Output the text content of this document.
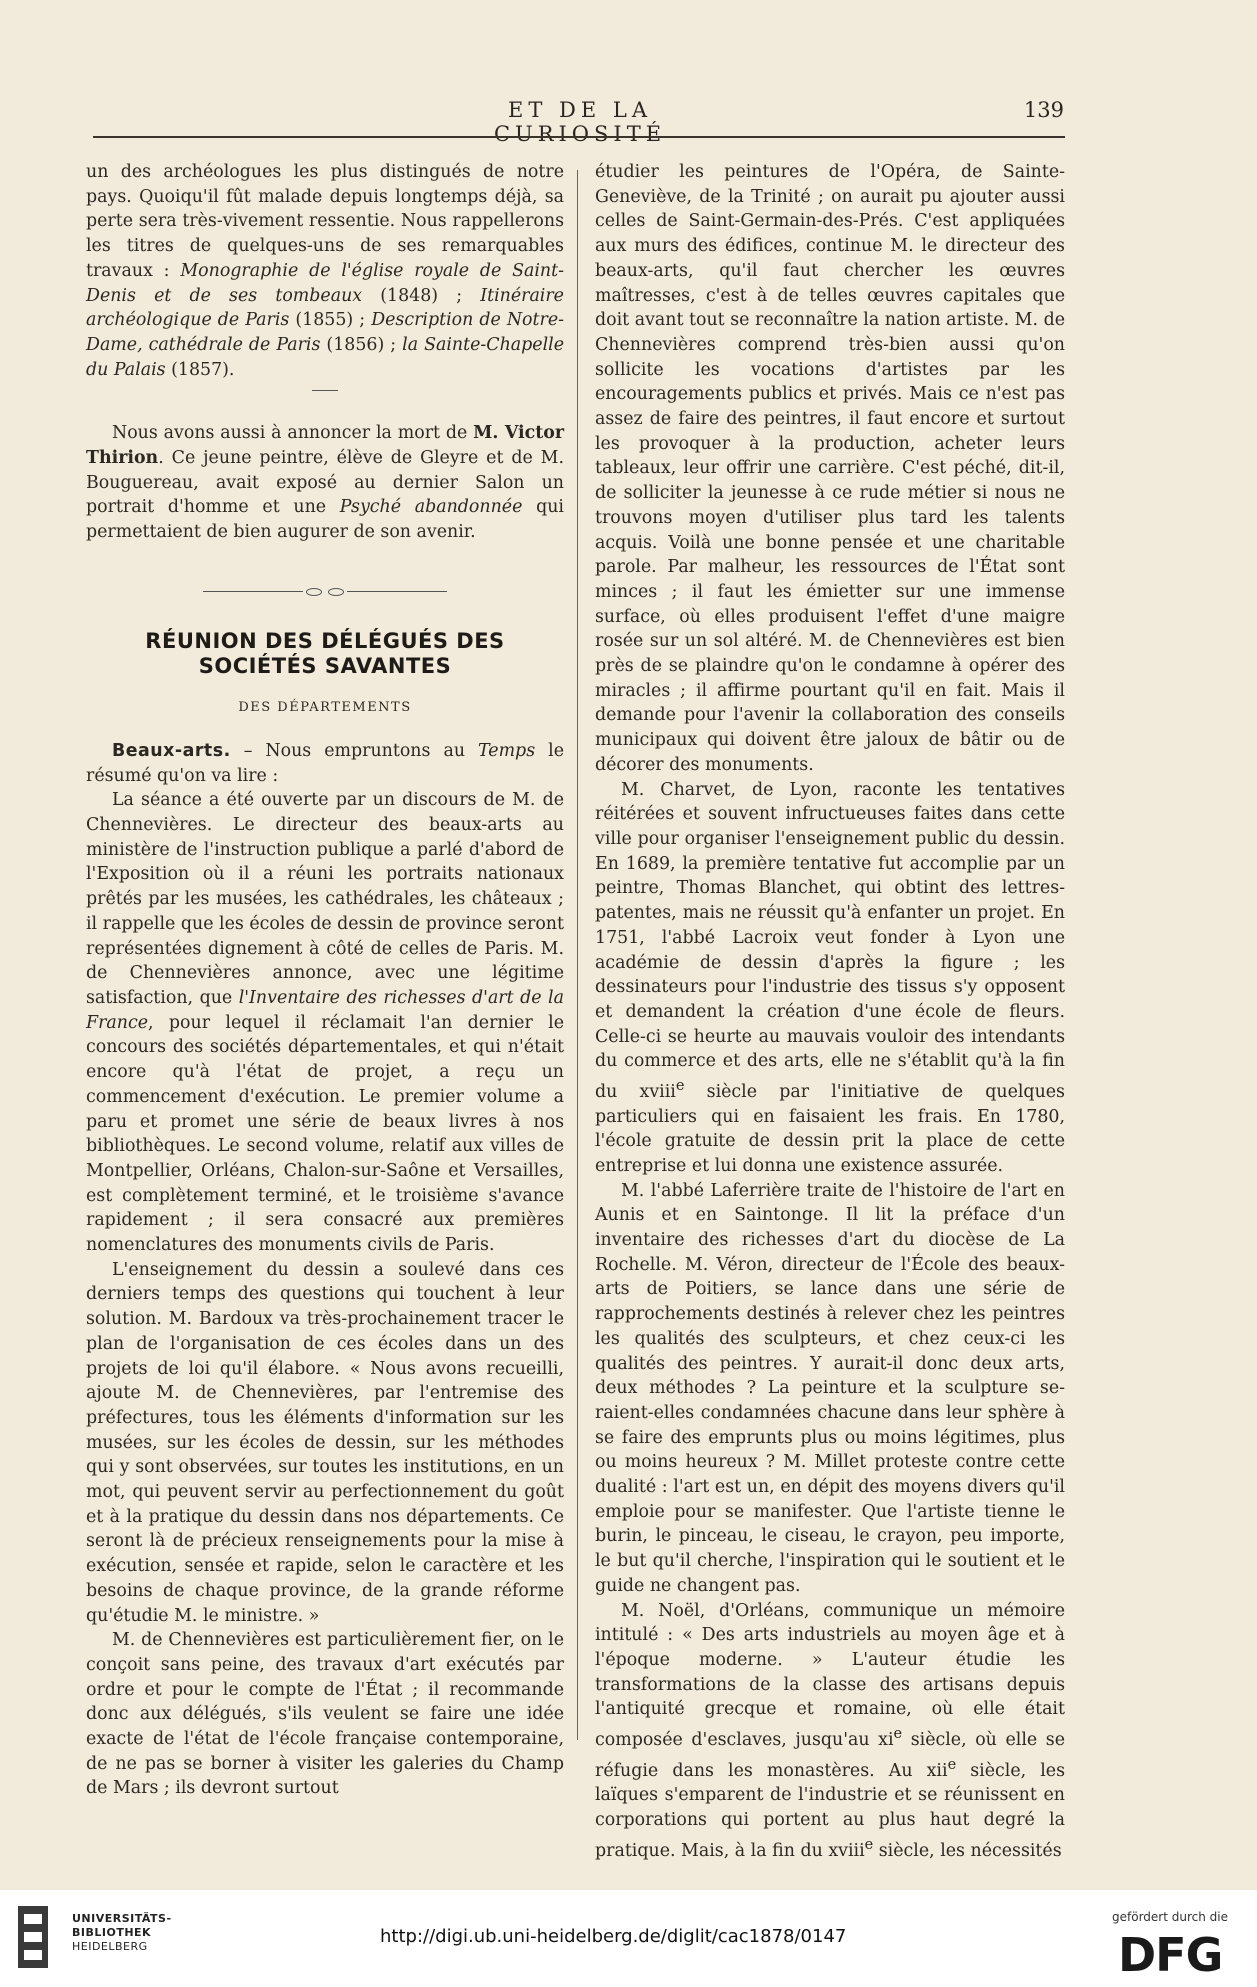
ET DE LA CURIOSITÉ
139

un des archéologues les plus distingués de notre pays. Quoiqu'il fût malade depuis longtemps déjà, sa perte sera très-vivement ressentie. Nous rappellerons les titres de quelques-uns de ses remarquables travaux : Monographie de l'église royale de Saint-Denis et de ses tombeaux (1848) ; Itinéraire archéologique de Paris (1855) ; Description de Notre-Dame, cathédrale de Paris (1856) ; la Sainte-Chapelle du Palais (1857).

Nous avons aussi à annoncer la mort de M. Victor Thirion. Ce jeune peintre, élève de Gleyre et de M. Bouguereau, avait exposé au dernier Salon un portrait d'homme et une Psyché abandonnée qui permettaient de bien augurer de son avenir.

RÉUNION DES DÉLÉGUÉS DES SOCIÉTÉS SAVANTES
DES DÉPARTEMENTS

Beaux-arts. – Nous empruntons au Temps le résumé qu'on va lire :

La séance a été ouverte par un discours de M. de Chennevières. Le directeur des beaux-arts au ministère de l'instruction publique a parlé d'abord de l'Exposition où il a réuni les portraits nationaux prêtés par les musées, les cathédrales, les châteaux ; il rappelle que les écoles de dessin de province seront représentées dignement à côté de celles de Paris. M. de Chennevières annonce, avec une légitime satisfaction, que l'Inventaire des richesses d'art de la France, pour lequel il réclamait l'an dernier le concours des sociétés départementales, et qui n'était encore qu'à l'état de projet, a reçu un commencement d'exécution. Le premier volume a paru et promet une série de beaux livres à nos bibliothèques. Le second volume, relatif aux villes de Montpellier, Orléans, Chalon-sur-Saône et Versailles, est complètement terminé, et le troisième s'avance rapidement ; il sera consacré aux premières nomenclatures des monuments civils de Paris.

L'enseignement du dessin a soulevé dans ces derniers temps des questions qui touchent à leur solution. M. Bardoux va très-prochainement tracer le plan de l'organisation de ces écoles dans un des projets de loi qu'il élabore. « Nous avons recueilli, ajoute M. de Chennevières, par l'entremise des préfectures, tous les éléments d'information sur les musées, sur les écoles de dessin, sur les méthodes qui y sont observées, sur toutes les institutions, en un mot, qui peuvent servir au perfectionnement du goût et à la pratique du dessin dans nos départements. Ce seront là de précieux renseignements pour la mise à exécution, sensée et rapide, selon le caractère et les besoins de chaque province, de la grande réforme qu'étudie M. le ministre. »

M. de Chennevières est particulièrement fier, on le conçoit sans peine, des travaux d'art exécutés par ordre et pour le compte de l'État ; il recommande donc aux délégués, s'ils veulent se faire une idée exacte de l'état de l'école française contemporaine, de ne pas se borner à visiter les galeries du Champ de Mars ; ils devront surtout

étudier les peintures de l'Opéra, de Sainte-Geneviève, de la Trinité ; on aurait pu ajouter aussi celles de Saint-Germain-des-Prés. C'est appliquées aux murs des édifices, continue M. le directeur des beaux-arts, qu'il faut chercher les œuvres maîtresses, c'est à de telles œuvres capitales que doit avant tout se reconnaître la nation artiste. M. de Chennevières comprend très-bien aussi qu'on sollicite les vocations d'artistes par les encouragements publics et privés. Mais ce n'est pas assez de faire des peintres, il faut encore et surtout les provoquer à la production, acheter leurs tableaux, leur offrir une carrière. C'est péché, dit-il, de solliciter la jeunesse à ce rude métier si nous ne trouvons moyen d'utiliser plus tard les talents acquis. Voilà une bonne pensée et une charitable parole. Par malheur, les ressources de l'État sont minces ; il faut les émietter sur une immense surface, où elles produisent l'effet d'une maigre rosée sur un sol altéré. M. de Chennevières est bien près de se plaindre qu'on le condamne à opérer des miracles ; il affirme pourtant qu'il en fait. Mais il demande pour l'avenir la collaboration des conseils municipaux qui doivent être jaloux de bâtir ou de décorer des monuments.

M. Charvet, de Lyon, raconte les tentatives réitérées et souvent infructueuses faites dans cette ville pour organiser l'enseignement public du dessin. En 1689, la première tentative fut accomplie par un peintre, Thomas Blanchet, qui obtint des lettres-patentes, mais ne réussit qu'à enfanter un projet. En 1751, l'abbé Lacroix veut fonder à Lyon une académie de dessin d'après la figure ; les dessinateurs pour l'industrie des tissus s'y opposent et demandent la création d'une école de fleurs. Celle-ci se heurte au mauvais vouloir des intendants du commerce et des arts, elle ne s'établit qu'à la fin du xviii$^e$ siècle par l'initiative de quelques particuliers qui en faisaient les frais. En 1780, l'école gratuite de dessin prit la place de cette entreprise et lui donna une existence assurée.

M. l'abbé Laferrière traite de l'histoire de l'art en Aunis et en Saintonge. Il lit la préface d'un inventaire des richesses d'art du diocèse de La Rochelle. M. Véron, directeur de l'École des beaux-arts de Poitiers, se lance dans une série de rapprochements destinés à relever chez les peintres les qualités des sculpteurs, et chez ceux-ci les qualités des peintres. Y aurait-il donc deux arts, deux méthodes ? La peinture et la sculpture se-raient-elles condamnées chacune dans leur sphère à se faire des emprunts plus ou moins légitimes, plus ou moins heureux ? M. Millet proteste contre cette dualité : l'art est un, en dépit des moyens divers qu'il emploie pour se manifester. Que l'artiste tienne le burin, le pinceau, le ciseau, le crayon, peu importe, le but qu'il cherche, l'inspiration qui le soutient et le guide ne changent pas.

M. Noël, d'Orléans, communique un mémoire intitulé : « Des arts industriels au moyen âge et à l'époque moderne. » L'auteur étudie les transformations de la classe des artisans depuis l'antiquité grecque et romaine, où elle était composée d'esclaves, jusqu'au $xi^e$ siècle, où elle se réfugie dans les monastères. Au xii$^e$ siècle, les laïques s'emparent de l'industrie et se réunissent en corporations qui portent au plus haut degré la pratique. Mais, à la fin du xviii$^e$ siècle, les nécessités

UNIVERSITÄTS-
BIBLIOTHEK
HEIDELBERG	http://digi.ub.uni-heidelberg.de/diglit/cac1878/0147
gefördert durch die
DFG
